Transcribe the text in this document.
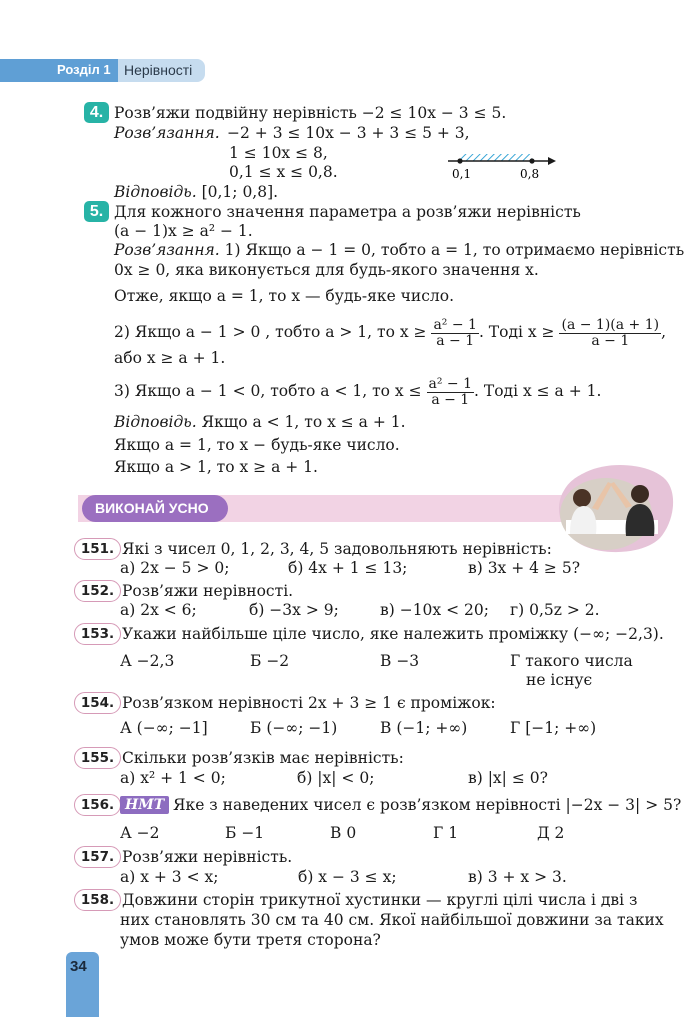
Розділ 1 Нерівності
4. Розв’яжи подвійну нерівність −2 ≤ 10x − 3 ≤ 5.
Розв’язання. −2 + 3 ≤ 10x − 3 + 3 ≤ 5 + 3,
1 ≤ 10x ≤ 8,
0,1 ≤ x ≤ 0,8.
Відповідь. [0,1; 0,8].
0,1	0,8
5. Для кожного значення параметра a розв’яжи нерівність
(a − 1)x ≥ a² − 1.
Розв’язання. 1) Якщо a − 1 = 0, тобто a = 1, то отримаємо нерівність
0x ≥ 0, яка виконується для будь-якого значення x.
Отже, якщо a = 1, то x — будь-яке число.
2) Якщо a − 1 > 0 , тобто a > 1, то $x \ge \frac{\text{a² − 1}}{a - 1}$ . Тоді $x \ge \frac{(a - 1)(a + 1)}{a - 1}$ ,
або x ≥ a + 1.
3) Якщо a − 1 < 0, тобто a < 1, то $x \le \frac{\text{a² − 1}}{a - 1}$ . Тоді x ≤ a + 1.
Відповідь. Якщо a < 1, то x ≤ a + 1.
Якщо a = 1, то x − будь-яке число.
Якщо a > 1, то x ≥ a + 1.
ВИКОНАЙ УСНО
151. Які з чисел 0, 1, 2, 3, 4, 5 задовольняють нерівність:
а) 2x − 5 > 0;	б) 4x + 1 ≤ 13;	в) 3x + 4 ≥ 5?
152. Розв’яжи нерівності.
а) 2x < 6;	б) −3x > 9;	в) −10x < 20; г) 0,5z > 2.
153. Укажи найбільше ціле число, яке належить проміжку (−∞; −2,3).
А −2,3	Б −2	В −3	Г такого числа
не існує
154. Розв’язком нерівності 2x + 3 ≥ 1 є проміжок:
А (−∞; −1]	Б (−∞; −1)	В (−1; +∞)	Г [−1; +∞)
155. Скільки розв’язків має нерівність:
а) x² + 1 < 0;	б) |x| < 0;	в) |x| ≤ 0?
156. НМТ Яке з наведених чисел є розв’язком нерівності |−2x − 3| > 5?
А −2	Б −1	В 0	Г 1	Д 2
157. Розв’яжи нерівність.
а) x + 3 < x;	б) x − 3 ≤ x;	в) 3 + x > 3.
158. Довжини сторін трикутної хустинки — круглі цілі числа і дві з
них становлять 30 см та 40 см. Якої найбільшої довжини за таких
умов може бути третя сторона?
34
